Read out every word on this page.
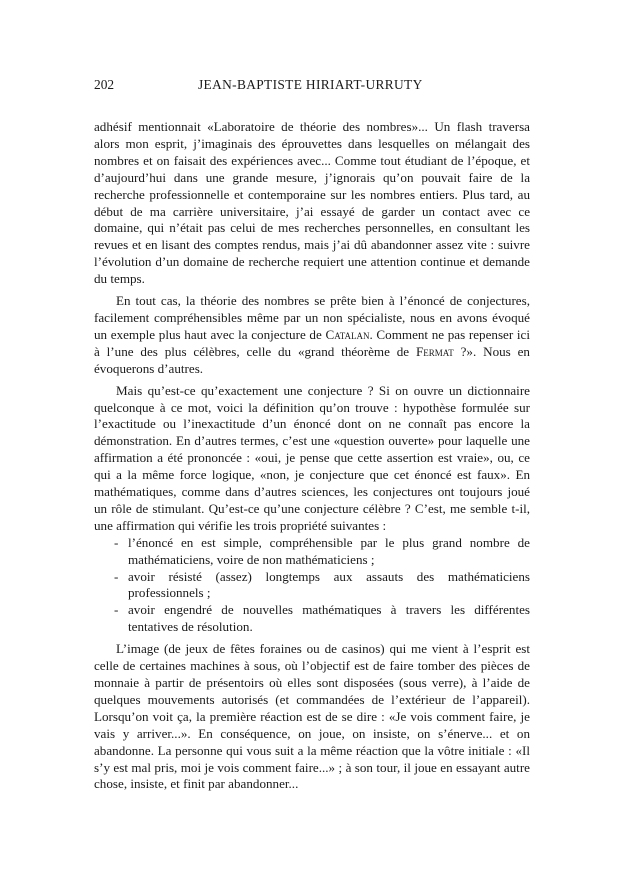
202	JEAN-BAPTISTE HIRIART-URRUTY

adhésif mentionnait «Laboratoire de théorie des nombres»... Un flash traversa alors mon esprit, j’imaginais des éprouvettes dans lesquelles on mélangait des nombres et on faisait des expériences avec... Comme tout étudiant de l’époque, et d’aujourd’hui dans une grande mesure, j’ignorais qu’on pouvait faire de la recherche professionnelle et contemporaine sur les nombres entiers. Plus tard, au début de ma carrière universitaire, j’ai essayé de garder un contact avec ce domaine, qui n’était pas celui de mes recherches personnelles, en consultant les revues et en lisant des comptes rendus, mais j’ai dû abandonner assez vite : suivre l’évolution d’un domaine de recherche requiert une attention continue et demande du temps.

En tout cas, la théorie des nombres se prête bien à l’énoncé de conjectures, facilement compréhensibles même par un non spécialiste, nous en avons évoqué un exemple plus haut avec la conjecture de Catalan. Comment ne pas repenser ici à l’une des plus célèbres, celle du «grand théorème de Fermat ?». Nous en évoquerons d’autres.

Mais qu’est-ce qu’exactement une conjecture ? Si on ouvre un dictionnaire quelconque à ce mot, voici la définition qu’on trouve : hypothèse formulée sur l’exactitude ou l’inexactitude d’un énoncé dont on ne connaît pas encore la démonstration. En d’autres termes, c’est une «question ouverte» pour laquelle une affirmation a été prononcée : «oui, je pense que cette assertion est vraie», ou, ce qui a la même force logique, «non, je conjecture que cet énoncé est faux». En mathématiques, comme dans d’autres sciences, les conjectures ont toujours joué un rôle de stimulant. Qu’est-ce qu’une conjecture célèbre ? C’est, me semble t-il, une affirmation qui vérifie les trois propriété suivantes :

- l’énoncé en est simple, compréhensible par le plus grand nombre de mathématiciens, voire de non mathématiciens ;
- avoir résisté (assez) longtemps aux assauts des mathématiciens professionnels ;
- avoir engendré de nouvelles mathématiques à travers les différentes tentatives de résolution.

L’image (de jeux de fêtes foraines ou de casinos) qui me vient à l’esprit est celle de certaines machines à sous, où l’objectif est de faire tomber des pièces de monnaie à partir de présentoirs où elles sont disposées (sous verre), à l’aide de quelques mouvements autorisés (et commandées de l’extérieur de l’appareil). Lorsqu’on voit ça, la première réaction est de se dire : «Je vois comment faire, je vais y arriver...». En conséquence, on joue, on insiste, on s’énerve... et on abandonne. La personne qui vous suit a la même réaction que la vôtre initiale : «Il s’y est mal pris, moi je vois comment faire...» ; à son tour, il joue en essayant autre chose, insiste, et finit par abandonner...
